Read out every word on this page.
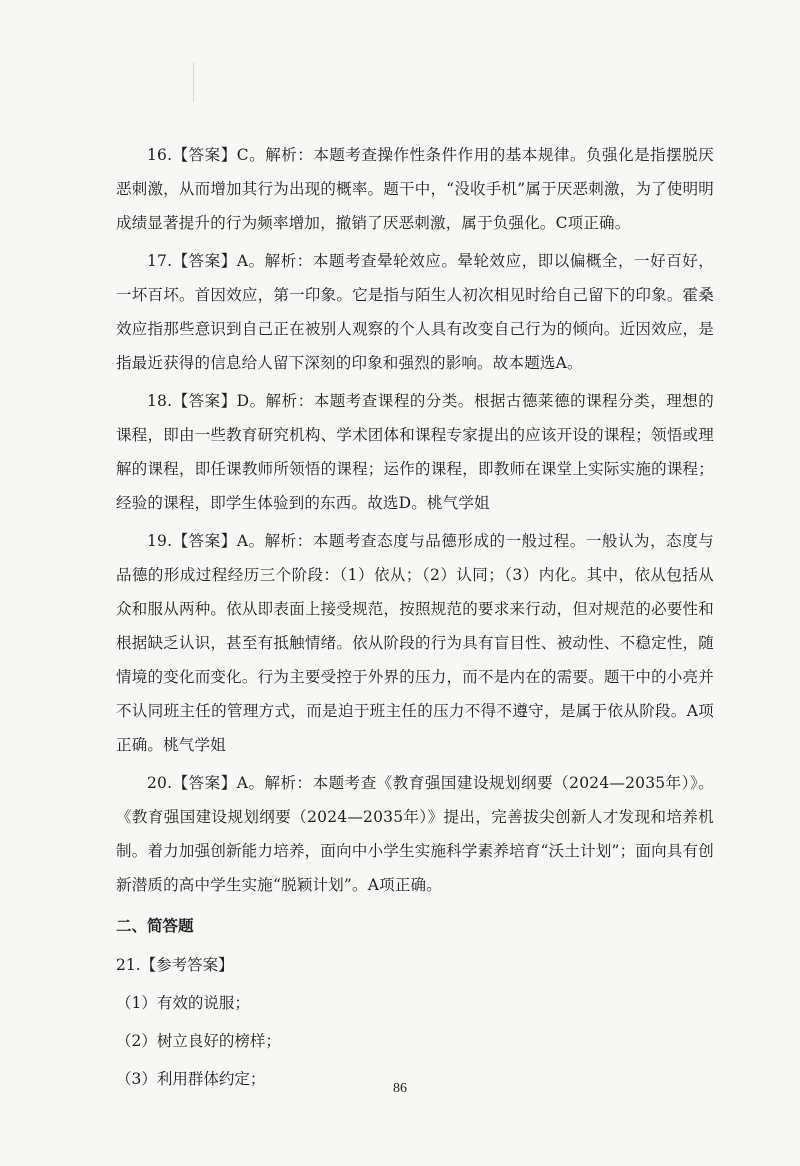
16.【答案】C。解析：本题考查操作性条件作用的基本规律。负强化是指摆脱厌恶刺激，从而增加其行为出现的概率。题干中，“没收手机”属于厌恶刺激，为了使明明成绩显著提升的行为频率增加，撤销了厌恶刺激，属于负强化。C项正确。

17.【答案】A。解析：本题考查晕轮效应。晕轮效应，即以偏概全，一好百好，一坏百坏。首因效应，第一印象。它是指与陌生人初次相见时给自己留下的印象。霍桑效应指那些意识到自己正在被别人观察的个人具有改变自己行为的倾向。近因效应，是指最近获得的信息给人留下深刻的印象和强烈的影响。故本题选A。

18.【答案】D。解析：本题考查课程的分类。根据古德莱德的课程分类，理想的课程，即由一些教育研究机构、学术团体和课程专家提出的应该开设的课程；领悟或理解的课程，即任课教师所领悟的课程；运作的课程，即教师在课堂上实际实施的课程；经验的课程，即学生体验到的东西。故选D。桃气学姐

19.【答案】A。解析：本题考查态度与品德形成的一般过程。一般认为，态度与品德的形成过程经历三个阶段：（1）依从；（2）认同；（3）内化。其中，依从包括从众和服从两种。依从即表面上接受规范，按照规范的要求来行动，但对规范的必要性和根据缺乏认识，甚至有抵触情绪。依从阶段的行为具有盲目性、被动性、不稳定性，随情境的变化而变化。行为主要受控于外界的压力，而不是内在的需要。题干中的小亮并不认同班主任的管理方式，而是迫于班主任的压力不得不遵守，是属于依从阶段。A项正确。桃气学姐

20.【答案】A。解析：本题考查《教育强国建设规划纲要（2024—2035年）》。《教育强国建设规划纲要（2024—2035年）》提出，完善拔尖创新人才发现和培养机制。着力加强创新能力培养，面向中小学生实施科学素养培育“沃土计划”；面向具有创新潜质的高中学生实施“脱颖计划”。A项正确。

二、简答题

21.【参考答案】

（1）有效的说服；

（2）树立良好的榜样；

（3）利用群体约定；

86
